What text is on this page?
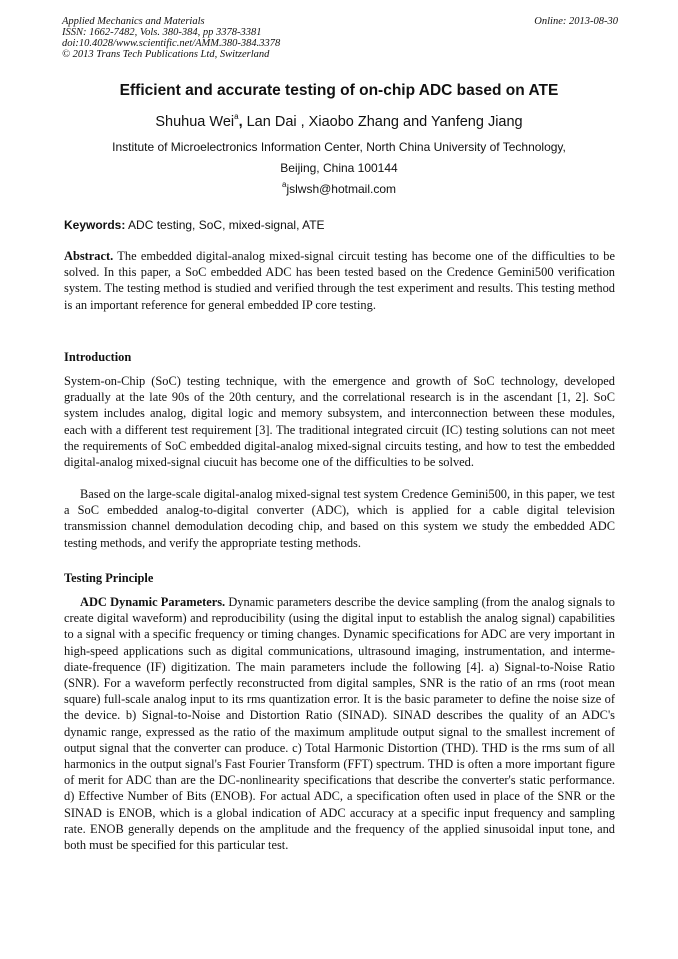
Applied Mechanics and Materials
ISSN: 1662-7482, Vols. 380-384, pp 3378-3381
doi:10.4028/www.scientific.net/AMM.380-384.3378
© 2013 Trans Tech Publications Ltd, Switzerland
Online: 2013-08-30
Efficient and accurate testing of on-chip ADC based on ATE
Shuhua Wei$^a$, Lan Dai , Xiaobo Zhang and Yanfeng Jiang
Institute of Microelectronics Information Center, North China University of Technology,
Beijing, China 100144
$^a$jslwsh@hotmail.com
Keywords: ADC testing, SoC, mixed-signal, ATE
Abstract. The embedded digital-analog mixed-signal circuit testing has become one of the difficulties to be solved. In this paper, a SoC embedded ADC has been tested based on the Credence Gemini500 verification system. The testing method is studied and verified through the test experiment and results. This testing method is an important reference for general embedded IP core testing.
Introduction
System-on-Chip (SoC) testing technique, with the emergence and growth of SoC technology, developed gradually at the late 90s of the 20th century, and the correlational research is in the ascendant [1, 2]. SoC system includes analog, digital logic and memory subsystem, and interconnection between these modules, each with a different test requirement [3]. The traditional integrated circuit (IC) testing solutions can not meet the requirements of SoC embedded digital-analog mixed-signal circuits testing, and how to test the embedded digital-analog mixed-signal ciucuit has become one of the difficulties to be solved.
Based on the large-scale digital-analog mixed-signal test system Credence Gemini500, in this paper, we test a SoC embedded analog-to-digital converter (ADC), which is applied for a cable digital television transmission channel demodulation decoding chip, and based on this system we study the embedded ADC testing methods, and verify the appropriate testing methods.
Testing Principle
ADC Dynamic Parameters. Dynamic parameters describe the device sampling (from the analog signals to create digital waveform) and reproducibility (using the digital input to establish the analog signal) capabilities to a signal with a specific frequency or timing changes. Dynamic specifications for ADC are very important in high-speed applications such as digital communications, ultrasound imaging, instrumentation, and interme-diate-frequence (IF) digitization. The main parameters include the following [4]. a) Signal-to-Noise Ratio (SNR). For a waveform perfectly reconstructed from digital samples, SNR is the ratio of an rms (root mean square) full-scale analog input to its rms quantization error. It is the basic parameter to define the noise size of the device. b) Signal-to-Noise and Distortion Ratio (SINAD). SINAD describes the quality of an ADC's dynamic range, expressed as the ratio of the maximum amplitude output signal to the smallest increment of output signal that the converter can produce. c) Total Harmonic Distortion (THD). THD is the rms sum of all harmonics in the output signal's Fast Fourier Transform (FFT) spectrum. THD is often a more important figure of merit for ADC than are the DC-nonlinearity specifications that describe the converter's static performance. d) Effective Number of Bits (ENOB). For actual ADC, a specification often used in place of the SNR or the SINAD is ENOB, which is a global indication of ADC accuracy at a specific input frequency and sampling rate. ENOB generally depends on the amplitude and the frequency of the applied sinusoidal input tone, and both must be specified for this particular test.
